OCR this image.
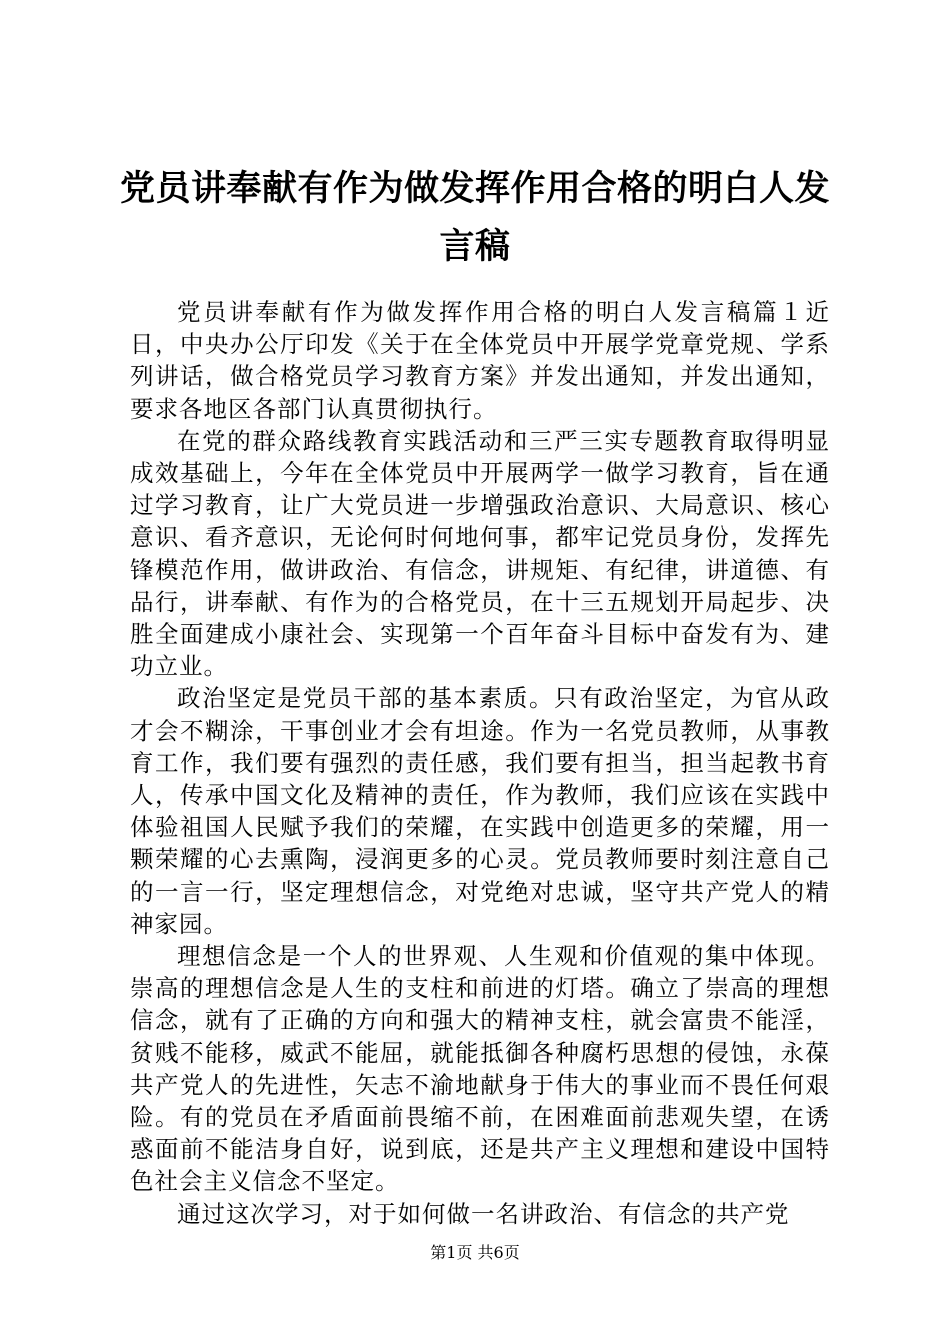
党员讲奉献有作为做发挥作用合格的明白人发言稿

党员讲奉献有作为做发挥作用合格的明白人发言稿篇１近日，中央办公厅印发《关于在全体党员中开展学党章党规、学系列讲话，做合格党员学习教育方案》并发出通知，并发出通知，要求各地区各部门认真贯彻执行。

在党的群众路线教育实践活动和三严三实专题教育取得明显成效基础上，今年在全体党员中开展两学一做学习教育，旨在通过学习教育，让广大党员进一步增强政治意识、大局意识、核心意识、看齐意识，无论何时何地何事，都牢记党员身份，发挥先锋模范作用，做讲政治、有信念，讲规矩、有纪律，讲道德、有品行，讲奉献、有作为的合格党员，在十三五规划开局起步、决胜全面建成小康社会、实现第一个百年奋斗目标中奋发有为、建功立业。

政治坚定是党员干部的基本素质。只有政治坚定，为官从政才会不糊涂，干事创业才会有坦途。作为一名党员教师，从事教育工作，我们要有强烈的责任感，我们要有担当，担当起教书育人，传承中国文化及精神的责任，作为教师，我们应该在实践中体验祖国人民赋予我们的荣耀，在实践中创造更多的荣耀，用一颗荣耀的心去熏陶，浸润更多的心灵。党员教师要时刻注意自己的一言一行，坚定理想信念，对党绝对忠诚，坚守共产党人的精神家园。

理想信念是一个人的世界观、人生观和价值观的集中体现。崇高的理想信念是人生的支柱和前进的灯塔。确立了崇高的理想信念，就有了正确的方向和强大的精神支柱，就会富贵不能淫，贫贱不能移，威武不能屈，就能抵御各种腐朽思想的侵蚀，永葆共产党人的先进性，矢志不渝地献身于伟大的事业而不畏任何艰险。有的党员在矛盾面前畏缩不前，在困难面前悲观失望，在诱惑面前不能洁身自好，说到底，还是共产主义理想和建设中国特色社会主义信念不坚定。

通过这次学习，对于如何做一名讲政治、有信念的共产党

第1页 共6页
